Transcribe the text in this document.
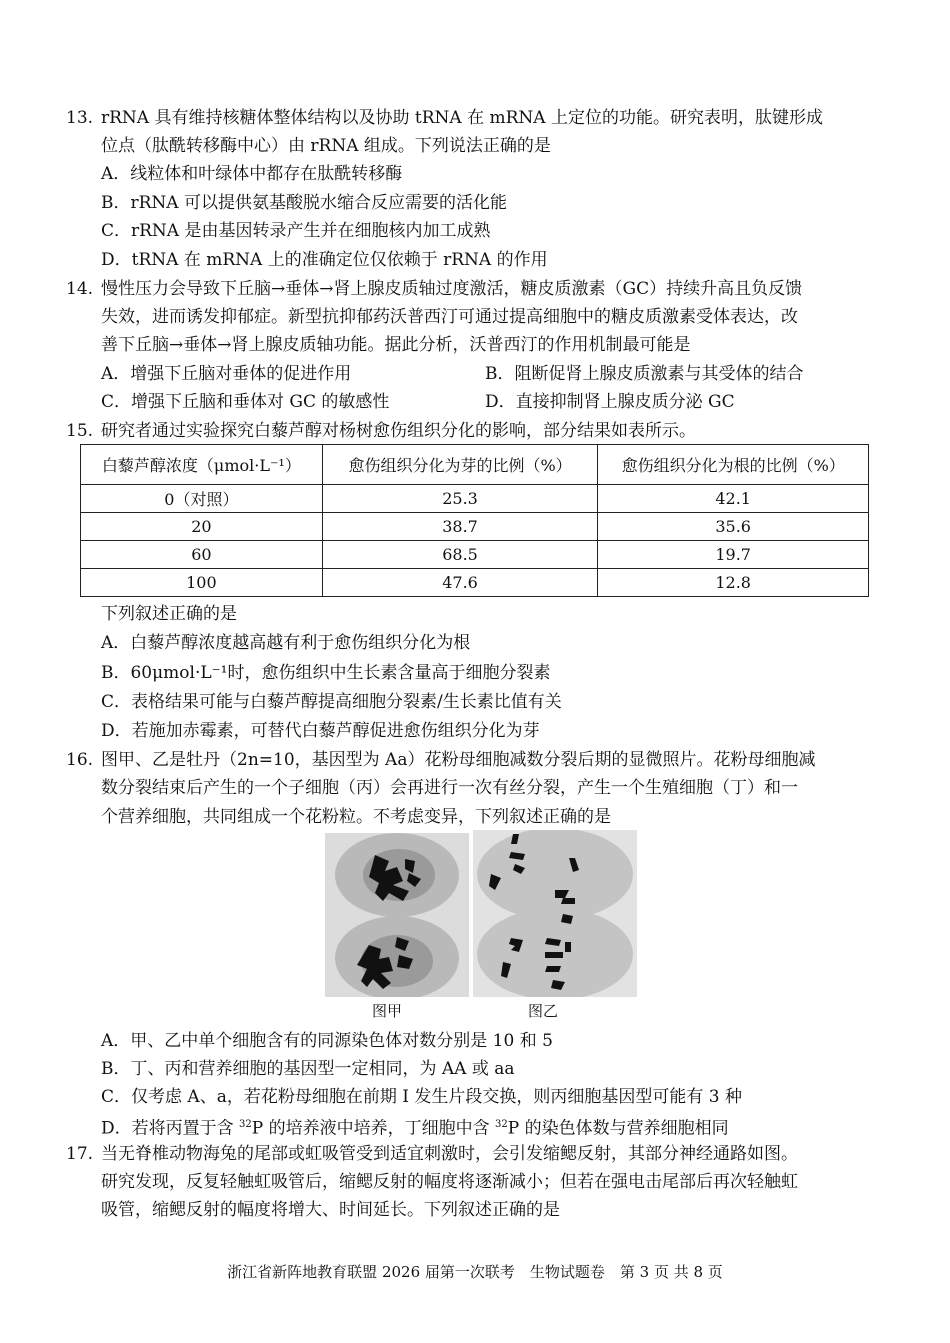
13. rRNA 具有维持核糖体整体结构以及协助 tRNA 在 mRNA 上定位的功能。研究表明，肽键形成
位点（肽酰转移酶中心）由 rRNA 组成。下列说法正确的是
A．线粒体和叶绿体中都存在肽酰转移酶
B．rRNA 可以提供氨基酸脱水缩合反应需要的活化能
C．rRNA 是由基因转录产生并在细胞核内加工成熟
D．tRNA 在 mRNA 上的准确定位仅依赖于 rRNA 的作用
14. 慢性压力会导致下丘脑→垂体→肾上腺皮质轴过度激活，糖皮质激素（GC）持续升高且负反馈
失效，进而诱发抑郁症。新型抗抑郁药沃普西汀可通过提高细胞中的糖皮质激素受体表达，改
善下丘脑→垂体→肾上腺皮质轴功能。据此分析，沃普西汀的作用机制最可能是
A．增强下丘脑对垂体的促进作用	B．阻断促肾上腺皮质激素与其受体的结合
C．增强下丘脑和垂体对 GC 的敏感性	D．直接抑制肾上腺皮质分泌 GC
15. 研究者通过实验探究白藜芦醇对杨树愈伤组织分化的影响，部分结果如表所示。
白藜芦醇浓度（μmol·L⁻¹）	愈伤组织分化为芽的比例（%）	愈伤组织分化为根的比例（%）
0（对照）	25.3	42.1
20	38.7	35.6
60	68.5	19.7
100	47.6	12.8
下列叙述正确的是
A．白藜芦醇浓度越高越有利于愈伤组织分化为根
B．60μmol·L⁻¹时，愈伤组织中生长素含量高于细胞分裂素
C．表格结果可能与白藜芦醇提高细胞分裂素/生长素比值有关
D．若施加赤霉素，可替代白藜芦醇促进愈伤组织分化为芽
16. 图甲、乙是牡丹（2n=10，基因型为 Aa）花粉母细胞减数分裂后期的显微照片。花粉母细胞减
数分裂结束后产生的一个子细胞（丙）会再进行一次有丝分裂，产生一个生殖细胞（丁）和一
个营养细胞，共同组成一个花粉粒。不考虑变异，下列叙述正确的是
图甲	图乙
A．甲、乙中单个细胞含有的同源染色体对数分别是 10 和 5
B．丁、丙和营养细胞的基因型一定相同，为 AA 或 aa
C．仅考虑 A、a，若花粉母细胞在前期 I 发生片段交换，则丙细胞基因型可能有 3 种
D．若将丙置于含 $^{32}$P 的培养液中培养，丁细胞中含 $^{32}$P 的染色体数与营养细胞相同
17. 当无脊椎动物海兔的尾部或虹吸管受到适宜刺激时，会引发缩鳃反射，其部分神经通路如图。
研究发现，反复轻触虹吸管后，缩鳃反射的幅度将逐渐减小；但若在强电击尾部后再次轻触虹
吸管，缩鳃反射的幅度将增大、时间延长。下列叙述正确的是
浙江省新阵地教育联盟 2026 届第一次联考　生物试题卷　第 3 页 共 8 页
